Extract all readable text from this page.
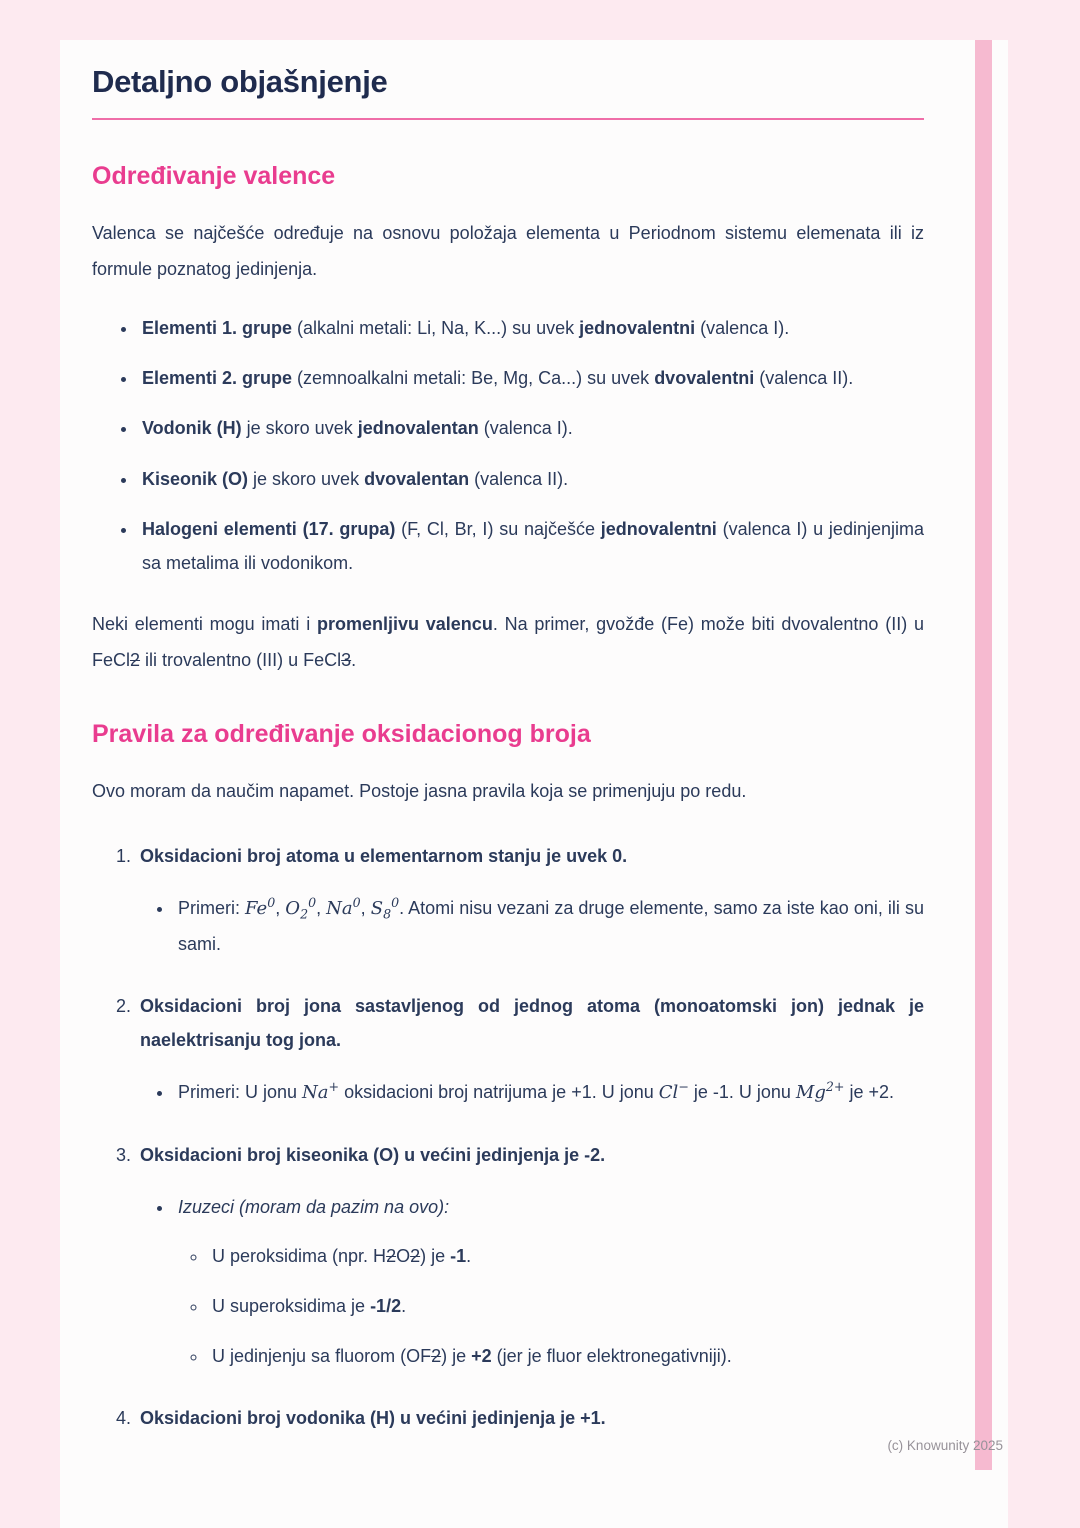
Detaljno objašnjenje
Određivanje valence

Valenca se najčešće određuje na osnovu položaja elementa u Periodnom sistemu elemenata ili iz formule poznatog jedinjenja.

• Elementi 1. grupe (alkalni metali: Li, Na, K...) su uvek jednovalentni (valenca I).
• Elementi 2. grupe (zemnoalkalni metali: Be, Mg, Ca...) su uvek dvovalentni (valenca II).
• Vodonik (H) je skoro uvek jednovalentan (valenca I).
• Kiseonik (O) je skoro uvek dvovalentan (valenca II).
• Halogeni elementi (17. grupa) (F, Cl, Br, I) su najčešće jednovalentni (valenca I) u jedinjenjima sa metalima ili vodonikom.

Neki elementi mogu imati i promenljivu valencu. Na primer, gvožđe (Fe) može biti dvovalentno (II) u FeCl2 ili trovalentno (III) u FeCl3.

Pravila za određivanje oksidacionog broja

Ovo moram da naučim napamet. Postoje jasna pravila koja se primenjuju po redu.

1. Oksidacioni broj atoma u elementarnom stanju je uvek 0.
• Primeri: Fe$^0$, $O_2^0$, Na$^0$, $S_8^0$. Atomi nisu vezani za druge elemente, samo za iste kao oni, ili su sami.
2. Oksidacioni broj jona sastavljenog od jednog atoma (monoatomski jon) jednak je naelektrisanju tog jona.
• Primeri: U jonu Na+ oksidacioni broj natrijuma je +1. U jonu Cl− je -1. U jonu $Mg^{2+}$ je +2.
3. Oksidacioni broj kiseonika (O) u većini jedinjenja je -2.
• Izuzeci (moram da pazim na ovo):
◦ U peroksidima (npr. H2O2) je -1.
◦ U superoksidima je -1/2.
◦ U jedinjenju sa fluorom (OF2) je +2 (jer je fluor elektronegativniji).
4. Oksidacioni broj vodonika (H) u većini jedinjenja je +1.
(c) Knowunity 2025
